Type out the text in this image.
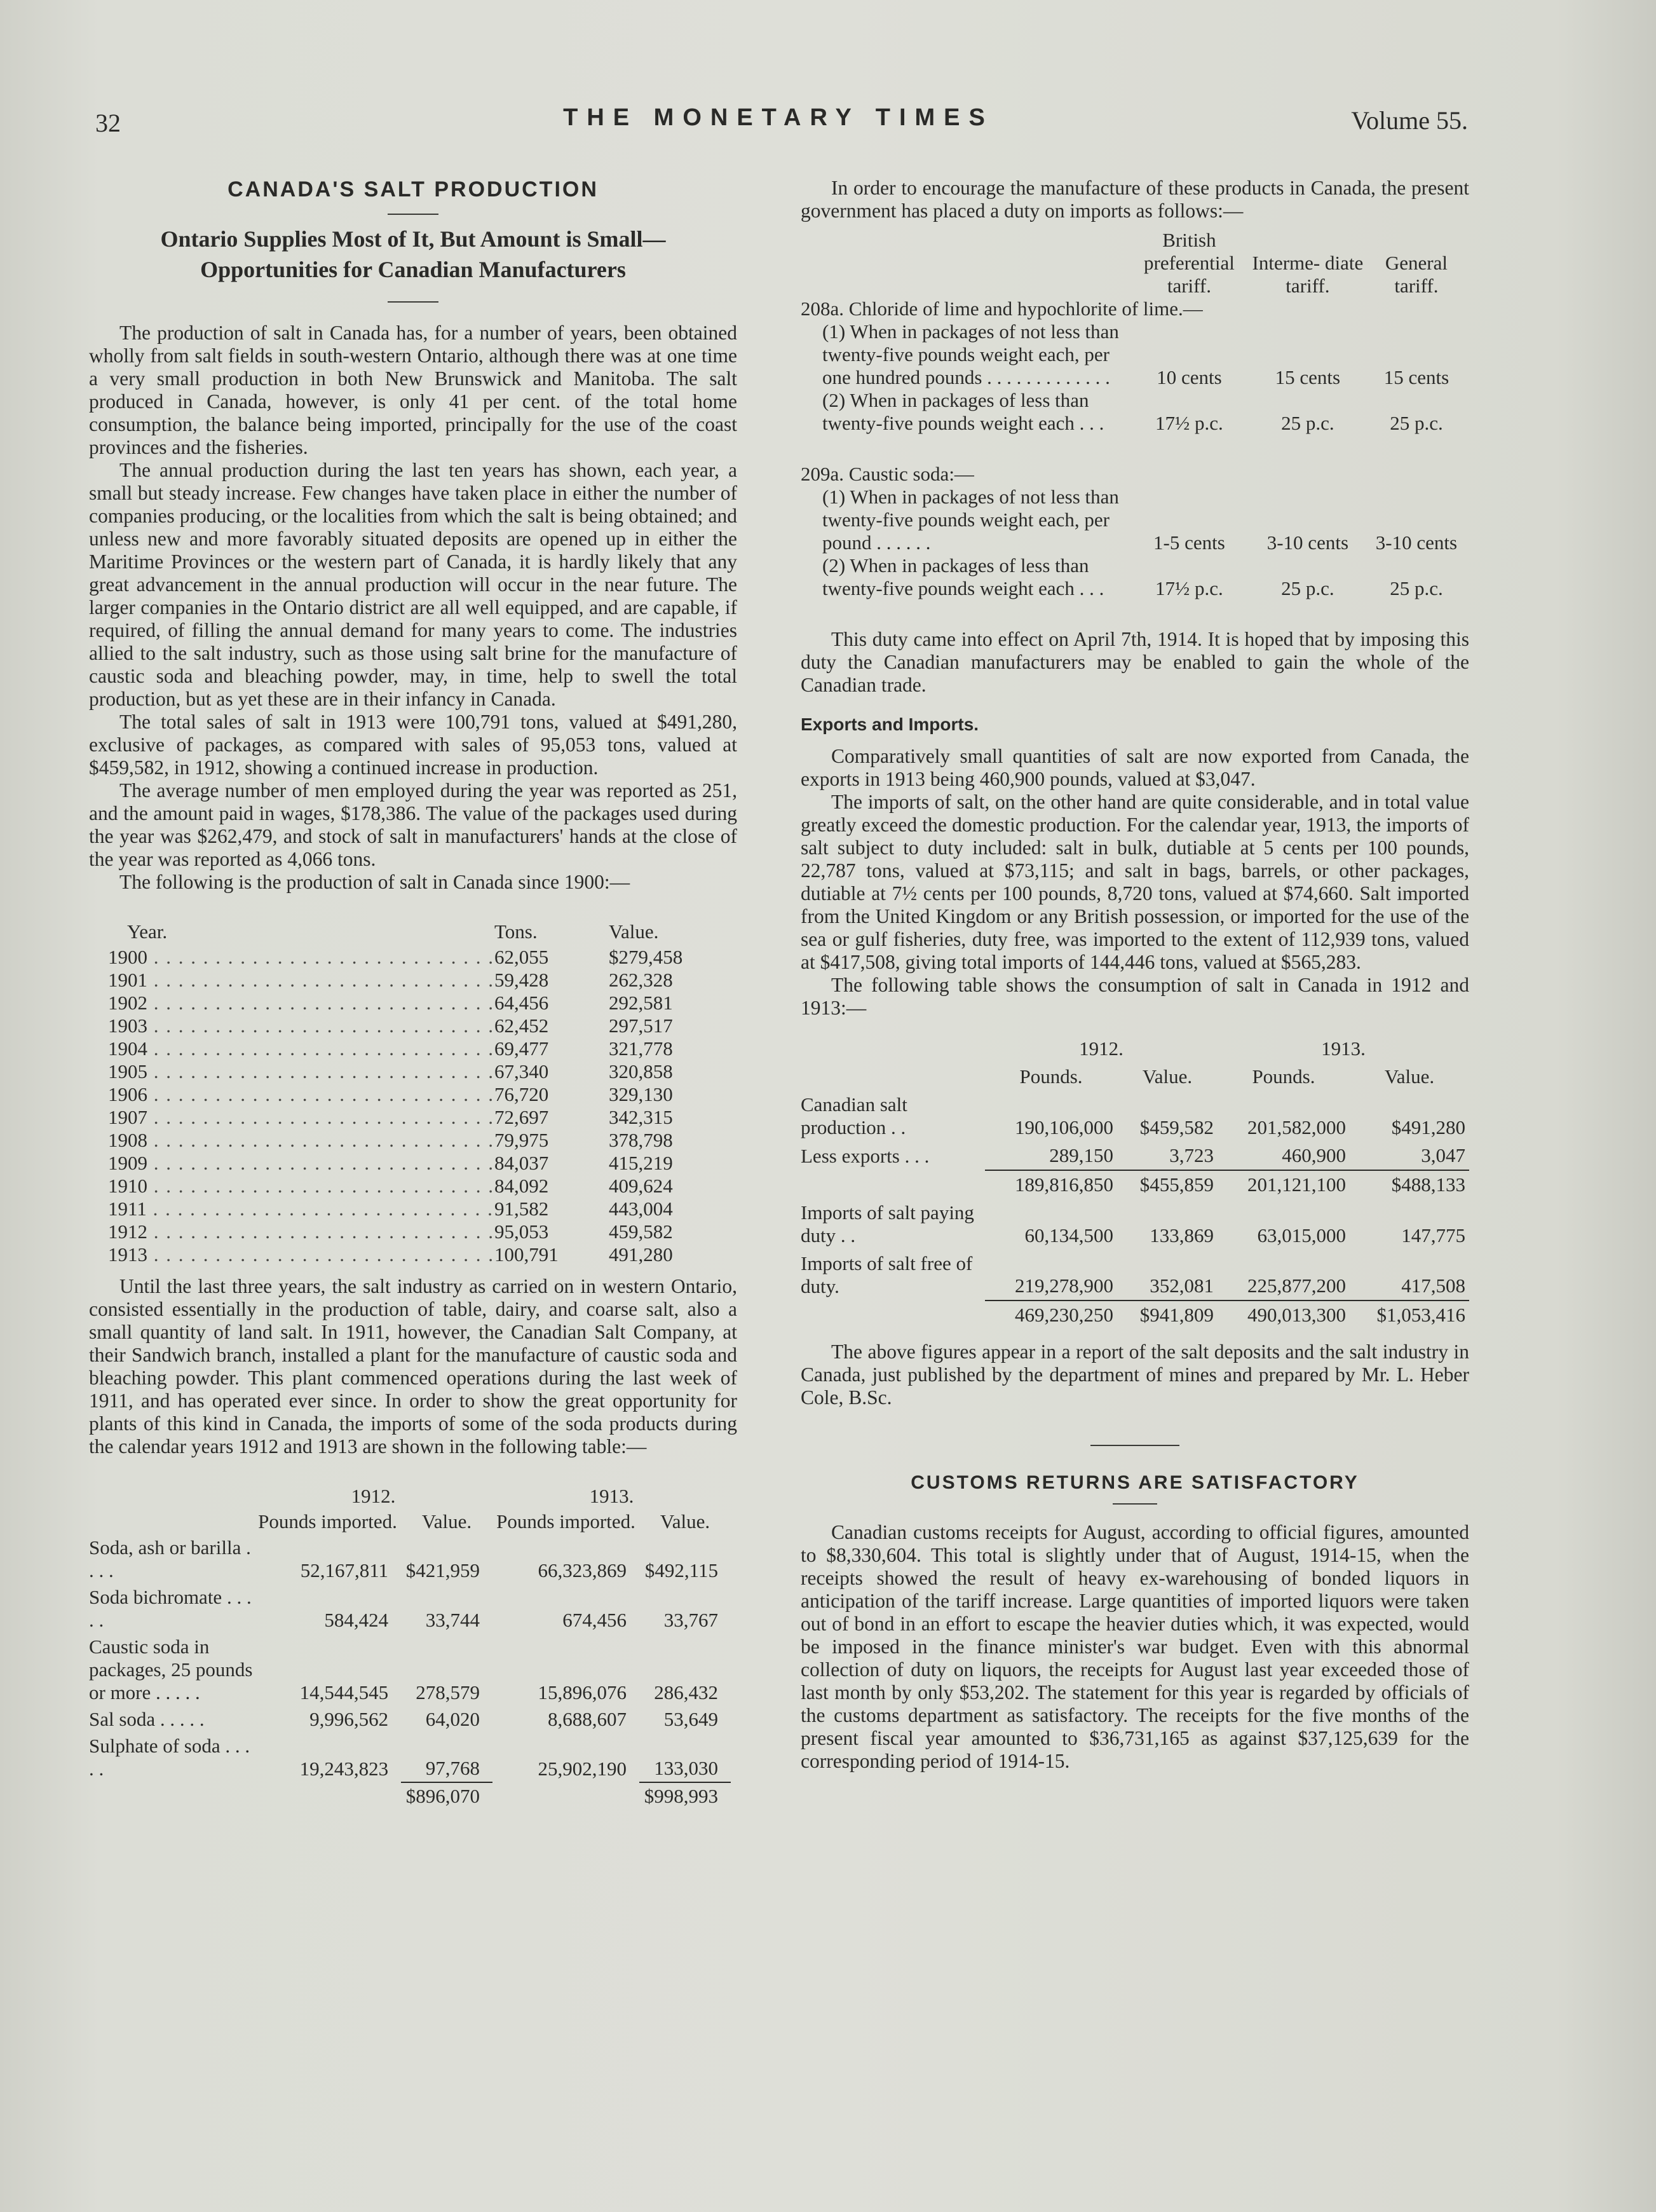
32	THE MONETARY TIMES	Volume 55.
CANADA'S SALT PRODUCTION
Ontario Supplies Most of It, But Amount is Small—Opportunities for Canadian Manufacturers

The production of salt in Canada has, for a number of years, been obtained wholly from salt fields in south-western Ontario, although there was at one time a very small production in both New Brunswick and Manitoba. The salt produced in Canada, however, is only 41 per cent. of the total home consumption, the balance being imported, principally for the use of the coast provinces and the fisheries.

The annual production during the last ten years has shown, each year, a small but steady increase. Few changes have taken place in either the number of companies producing, or the localities from which the salt is being obtained; and unless new and more favorably situated deposits are opened up in either the Maritime Provinces or the western part of Canada, it is hardly likely that any great advancement in the annual production will occur in the near future. The larger companies in the Ontario district are all well equipped, and are capable, if required, of filling the annual demand for many years to come. The industries allied to the salt industry, such as those using salt brine for the manufacture of caustic soda and bleaching powder, may, in time, help to swell the total production, but as yet these are in their infancy in Canada.

The total sales of salt in 1913 were 100,791 tons, valued at $491,280, exclusive of packages, as compared with sales of 95,053 tons, valued at $459,582, in 1912, showing a continued increase in production.

The average number of men employed during the year was reported as 251, and the amount paid in wages, $178,386. The value of the packages used during the year was $262,479, and stock of salt in manufacturers' hands at the close of the year was reported as 4,066 tons.

The following is the production of salt in Canada since 1900:—

Year.	Tons.	Value.
1900 . . . . . . . . . . . . . . . . . . . . . . . . . . . .	62,055	$279,458
1901 . . . . . . . . . . . . . . . . . . . . . . . . . . . .	59,428	262,328
1902 . . . . . . . . . . . . . . . . . . . . . . . . . . . .	64,456	292,581
1903 . . . . . . . . . . . . . . . . . . . . . . . . . . . .	62,452	297,517
1904 . . . . . . . . . . . . . . . . . . . . . . . . . . . .	69,477	321,778
1905 . . . . . . . . . . . . . . . . . . . . . . . . . . . .	67,340	320,858
1906 . . . . . . . . . . . . . . . . . . . . . . . . . . . .	76,720	329,130
1907 . . . . . . . . . . . . . . . . . . . . . . . . . . . .	72,697	342,315
1908 . . . . . . . . . . . . . . . . . . . . . . . . . . . .	79,975	378,798
1909 . . . . . . . . . . . . . . . . . . . . . . . . . . . .	84,037	415,219
1910 . . . . . . . . . . . . . . . . . . . . . . . . . . . .	84,092	409,624
1911 . . . . . . . . . . . . . . . . . . . . . . . . . . . .	91,582	443,004
1912 . . . . . . . . . . . . . . . . . . . . . . . . . . . .	95,053	459,582
1913 . . . . . . . . . . . . . . . . . . . . . . . . . . . .	100,791	491,280

Until the last three years, the salt industry as carried on in western Ontario, consisted essentially in the production of table, dairy, and coarse salt, also a small quantity of land salt. In 1911, however, the Canadian Salt Company, at their Sandwich branch, installed a plant for the manufacture of caustic soda and bleaching powder. This plant commenced operations during the last week of 1911, and has operated ever since. In order to show the great opportunity for plants of this kind in Canada, the imports of some of the soda products during the calendar years 1912 and 1913 are shown in the following table:—

	1912.		1913.	
	Pounds imported.	Value.	Pounds imported.	Value.
Soda, ash or barilla . . . .	52,167,811	$421,959	66,323,869	$492,115
Soda bichromate . . . . .	584,424	33,744	674,456	33,767
Caustic soda in packages, 25 pounds or more . . . . .	14,544,545	278,579	15,896,076	286,432
Sal soda . . . . .	9,996,562	64,020	8,688,607	53,649
Sulphate of soda . . . . .	19,243,823	97,768	25,902,190	133,030
		$896,070		$998,993

In order to encourage the manufacture of these products in Canada, the present government has placed a duty on imports as follows:—

	British preferential tariff.	Interme- diate tariff.	General tariff.
208a. Chloride of lime and hypochlorite of lime.—			
(1) When in packages of not less than twenty-five pounds weight each, per one hundred pounds . . . . . . . . . . . . .	10 cents	15 cents	15 cents
(2) When in packages of less than twenty-five pounds weight each . . .	17½ p.c.	25 p.c.	25 p.c.

209a. Caustic soda:—			
(1) When in packages of not less than twenty-five pounds weight each, per pound . . . . . .	1-5 cents	3-10 cents	3-10 cents
(2) When in packages of less than twenty-five pounds weight each . . .	17½ p.c.	25 p.c.	25 p.c.

This duty came into effect on April 7th, 1914. It is hoped that by imposing this duty the Canadian manufacturers may be enabled to gain the whole of the Canadian trade.

Exports and Imports.

Comparatively small quantities of salt are now exported from Canada, the exports in 1913 being 460,900 pounds, valued at $3,047.

The imports of salt, on the other hand are quite considerable, and in total value greatly exceed the domestic production. For the calendar year, 1913, the imports of salt subject to duty included: salt in bulk, dutiable at 5 cents per 100 pounds, 22,787 tons, valued at $73,115; and salt in bags, barrels, or other packages, dutiable at 7½ cents per 100 pounds, 8,720 tons, valued at $74,660. Salt imported from the United Kingdom or any British possession, or imported for the use of the sea or gulf fisheries, duty free, was imported to the extent of 112,939 tons, valued at $417,508, giving total imports of 144,446 tons, valued at $565,283.

The following table shows the consumption of salt in Canada in 1912 and 1913:—

	1912.		1913.	
	Pounds.	Value.	Pounds.	Value.
Canadian salt production . .	190,106,000	$459,582	201,582,000	$491,280
Less exports . . .	289,150	3,723	460,900	3,047
	189,816,850	$455,859	201,121,100	$488,133
Imports of salt paying duty . .	60,134,500	133,869	63,015,000	147,775
Imports of salt free of duty.	219,278,900	352,081	225,877,200	417,508
	469,230,250	$941,809	490,013,300	$1,053,416

The above figures appear in a report of the salt deposits and the salt industry in Canada, just published by the department of mines and prepared by Mr. L. Heber Cole, B.Sc.

CUSTOMS RETURNS ARE SATISFACTORY

Canadian customs receipts for August, according to official figures, amounted to $8,330,604. This total is slightly under that of August, 1914-15, when the receipts showed the result of heavy ex-warehousing of bonded liquors in anticipation of the tariff increase. Large quantities of imported liquors were taken out of bond in an effort to escape the heavier duties which, it was expected, would be imposed in the finance minister's war budget. Even with this abnormal collection of duty on liquors, the receipts for August last year exceeded those of last month by only $53,202. The statement for this year is regarded by officials of the customs department as satisfactory. The receipts for the five months of the present fiscal year amounted to $36,731,165 as against $37,125,639 for the corresponding period of 1914-15.
